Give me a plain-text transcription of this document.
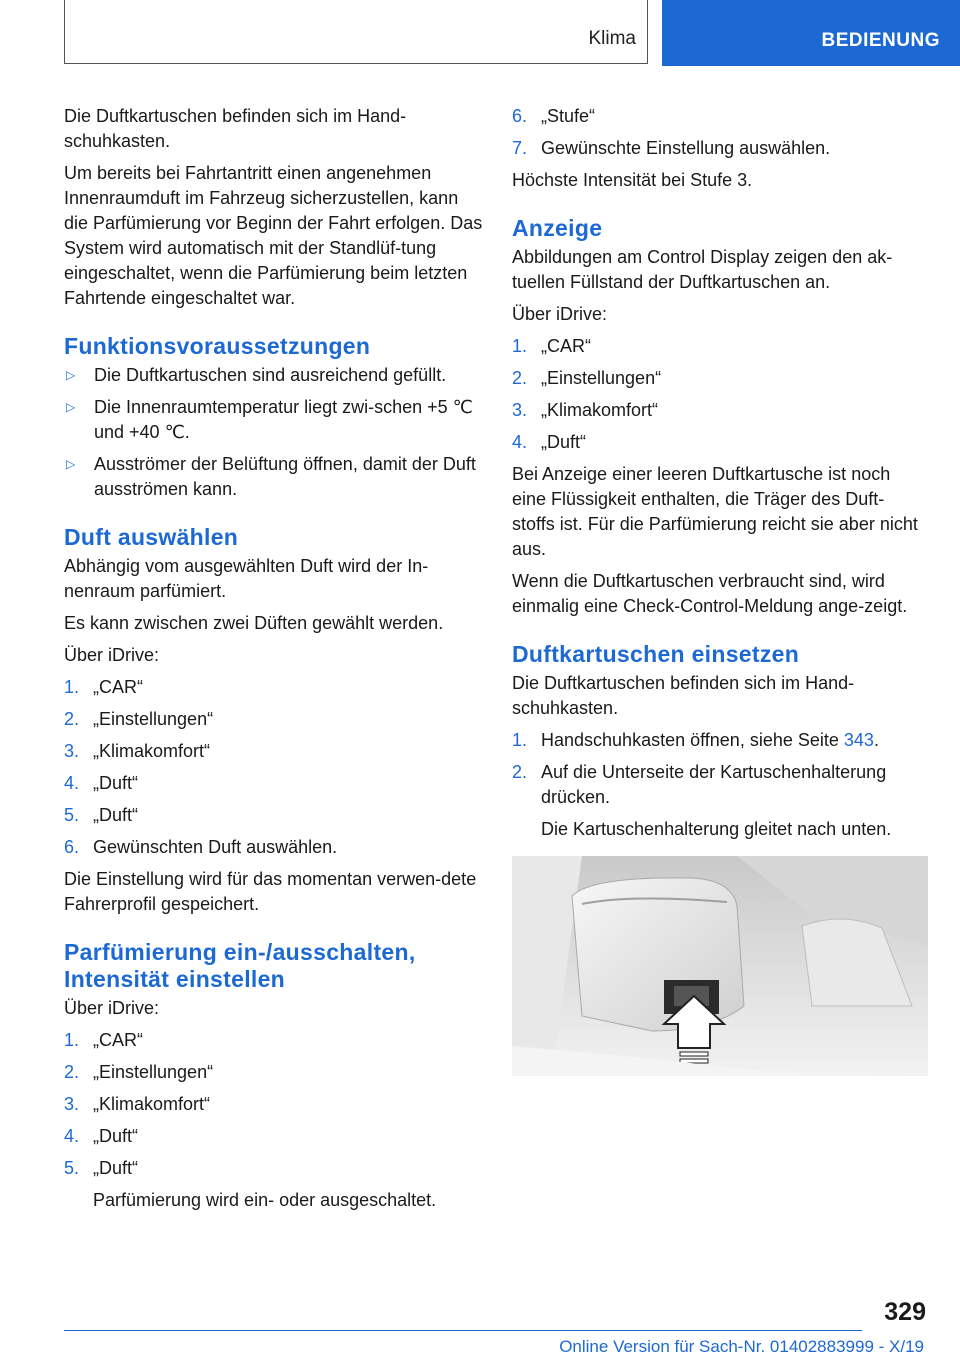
Klima	BEDIENUNG

Die Duftkartuschen befinden sich im Hand-schuhkasten.

Um bereits bei Fahrtantritt einen angenehmen Innenraumduft im Fahrzeug sicherzustellen, kann die Parfümierung vor Beginn der Fahrt erfolgen. Das System wird automatisch mit der Standlüf-tung eingeschaltet, wenn die Parfümierung beim letzten Fahrtende eingeschaltet war.

Funktionsvoraussetzungen
▷	Die Duftkartuschen sind ausreichend gefüllt.
▷	Die Innenraumtemperatur liegt zwi-schen +5 ℃ und +40 ℃.
▷	Ausströmer der Belüftung öffnen, damit der Duft ausströmen kann.
Duft auswählen

Abhängig vom ausgewählten Duft wird der In-nenraum parfümiert.

Es kann zwischen zwei Düften gewählt werden.

Über iDrive:

1. „CAR“
2. „Einstellungen“
3. „Klimakomfort“
4. „Duft“
5. „Duft“
6. Gewünschten Duft auswählen.

Die Einstellung wird für das momentan verwen-dete Fahrerprofil gespeichert.

Parfümierung ein-/ausschalten, Intensität einstellen

Über iDrive:

1. „CAR“
2. „Einstellungen“
3. „Klimakomfort“
4. „Duft“
5. „Duft“
Parfümierung wird ein- oder ausgeschaltet.
6. „Stufe“
7. Gewünschte Einstellung auswählen.

Höchste Intensität bei Stufe 3.

Anzeige

Abbildungen am Control Display zeigen den ak-tuellen Füllstand der Duftkartuschen an.

Über iDrive:

1. „CAR“
2. „Einstellungen“
3. „Klimakomfort“
4. „Duft“

Bei Anzeige einer leeren Duftkartusche ist noch eine Flüssigkeit enthalten, die Träger des Duft-stoffs ist. Für die Parfümierung reicht sie aber nicht aus.

Wenn die Duftkartuschen verbraucht sind, wird einmalig eine Check-Control-Meldung ange-zeigt.

Duftkartuschen einsetzen

Die Duftkartuschen befinden sich im Hand-schuhkasten.

1. Handschuhkasten öffnen, siehe Seite 343.
2. Auf die Unterseite der Kartuschenhalterung drücken.
Die Kartuschenhalterung gleitet nach unten.
329
Online Version für Sach-Nr. 01402883999 - X/19
